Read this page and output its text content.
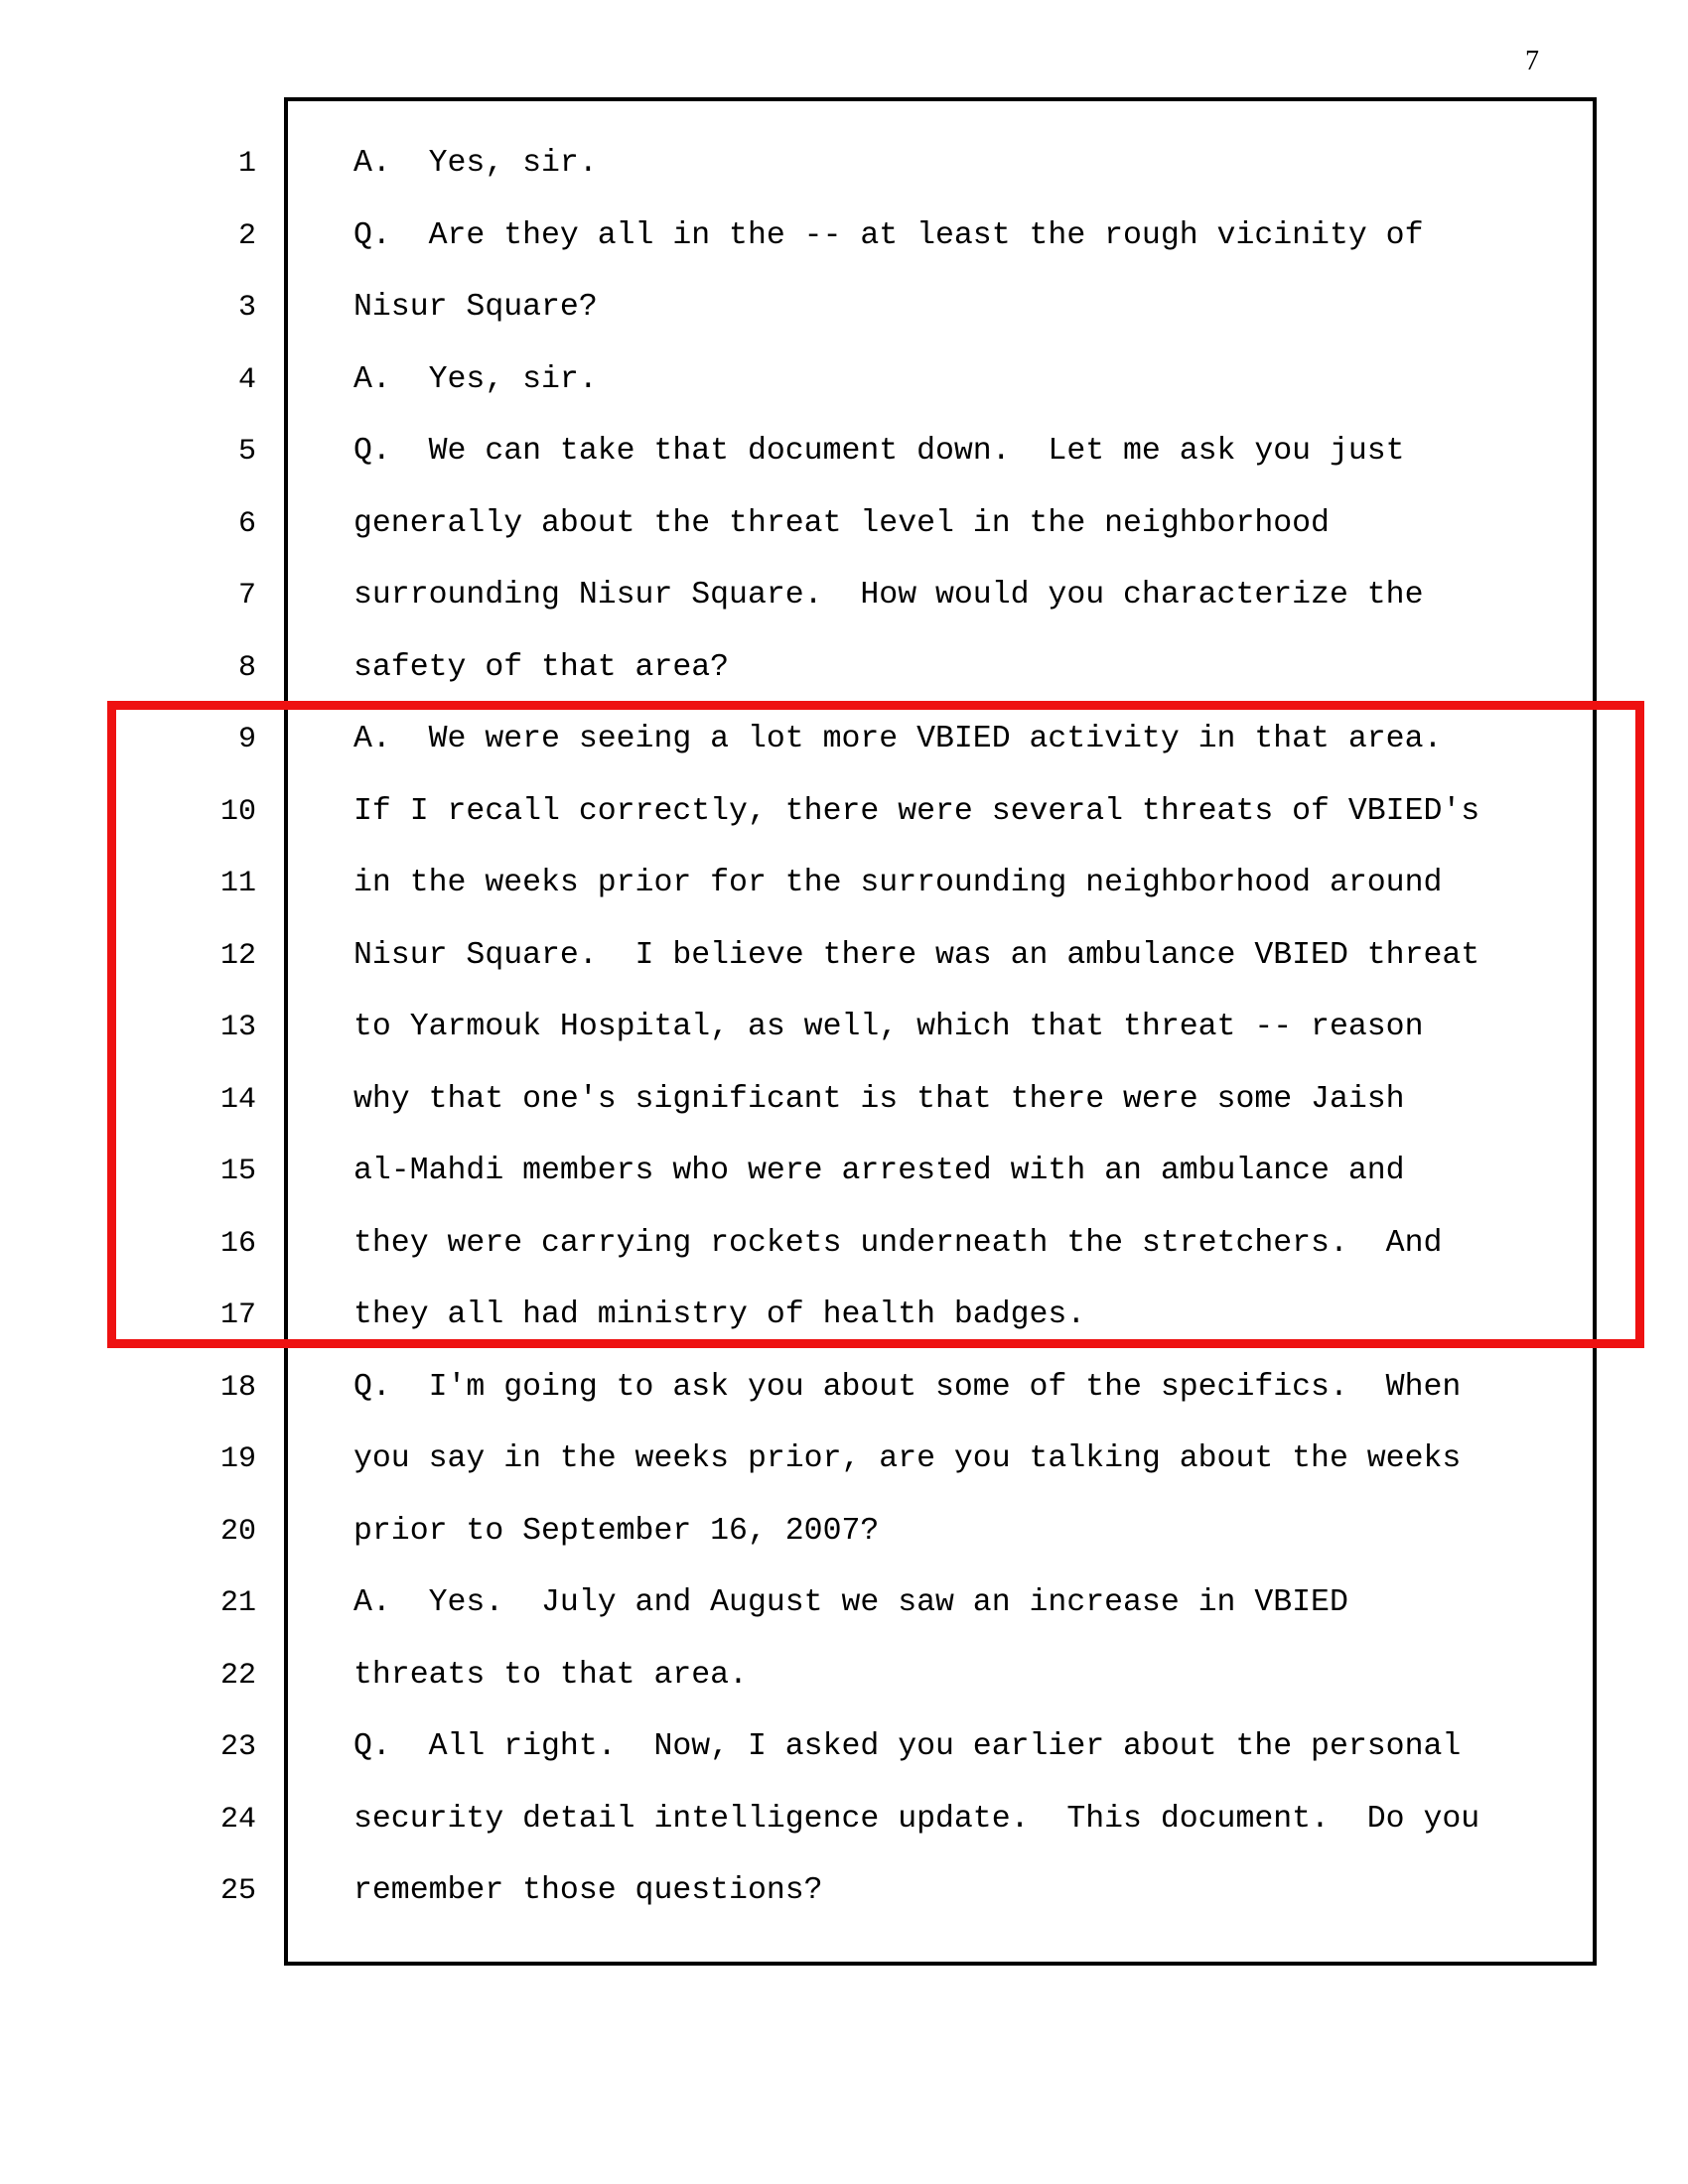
7
1
2
3
4
5
6
7
8
9
10
11
12
13
14
15
16
17
18
19
20
21
22
23
24
25
A.  Yes, sir.
Q.  Are they all in the -- at least the rough vicinity of
Nisur Square?
A.  Yes, sir.
Q.  We can take that document down.  Let me ask you just
generally about the threat level in the neighborhood
surrounding Nisur Square.  How would you characterize the
safety of that area?
A.  We were seeing a lot more VBIED activity in that area.
If I recall correctly, there were several threats of VBIED's
in the weeks prior for the surrounding neighborhood around
Nisur Square.  I believe there was an ambulance VBIED threat
to Yarmouk Hospital, as well, which that threat -- reason
why that one's significant is that there were some Jaish
al-Mahdi members who were arrested with an ambulance and
they were carrying rockets underneath the stretchers.  And
they all had ministry of health badges.
Q.  I'm going to ask you about some of the specifics.  When
you say in the weeks prior, are you talking about the weeks
prior to September 16, 2007?
A.  Yes.  July and August we saw an increase in VBIED
threats to that area.
Q.  All right.  Now, I asked you earlier about the personal
security detail intelligence update.  This document.  Do you
remember those questions?
